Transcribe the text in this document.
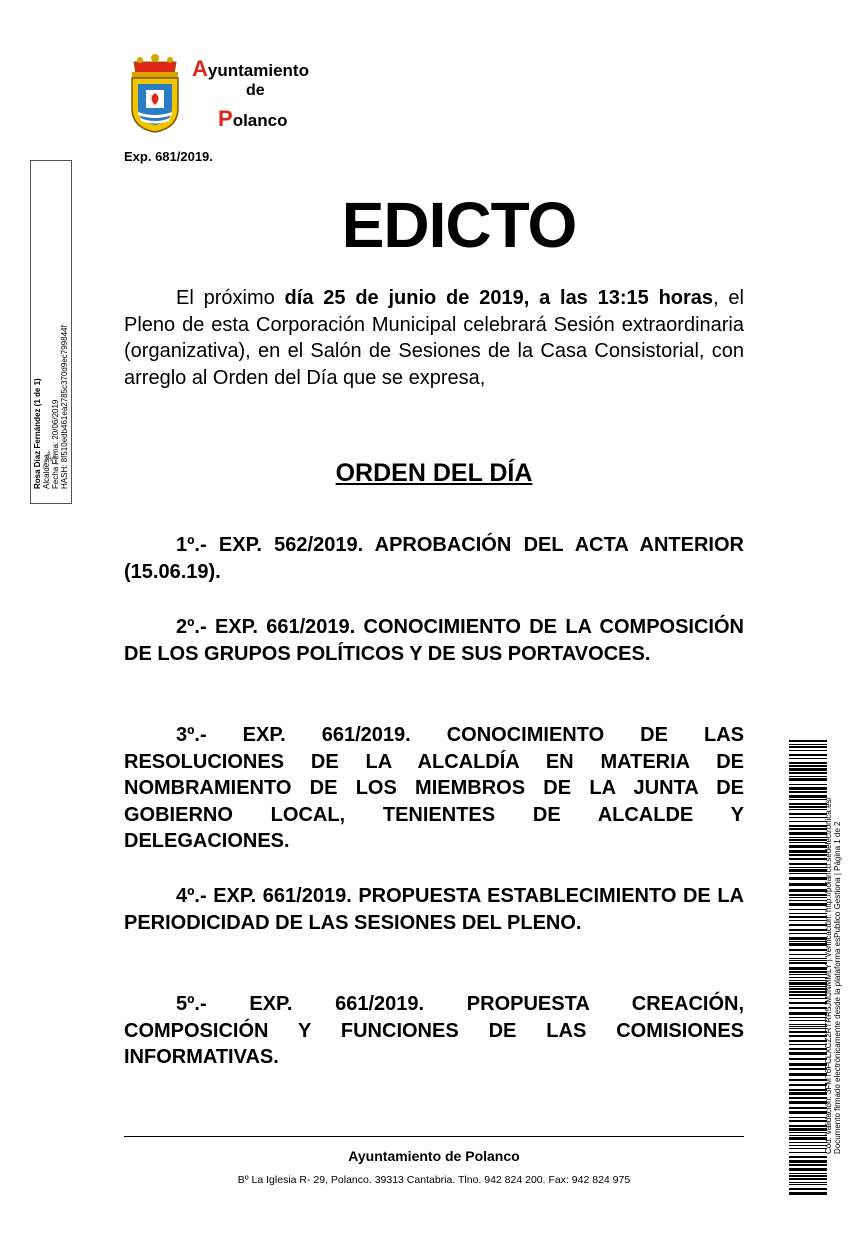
Ayuntamiento
de
Polanco
Exp. 681/2019.
EDICTO
El próximo día 25 de junio de 2019, a las 13:15 horas, el Pleno de esta Corporación Municipal celebrará Sesión extraordinaria (organizativa), en el Salón de Sesiones de la Casa Consistorial, con arreglo al Orden del Día que se expresa,
ORDEN DEL DÍA
1º.- EXP. 562/2019. APROBACIÓN DEL ACTA ANTERIOR (15.06.19).
2º.- EXP. 661/2019. CONOCIMIENTO DE LA COMPOSICIÓN DE LOS GRUPOS POLÍTICOS Y DE SUS PORTAVOCES.
3º.- EXP. 661/2019. CONOCIMIENTO DE LAS RESOLUCIONES DE LA ALCALDÍA EN MATERIA DE NOMBRAMIENTO DE LOS MIEMBROS DE LA JUNTA DE GOBIERNO LOCAL, TENIENTES DE ALCALDE Y DELEGACIONES.
4º.- EXP. 661/2019. PROPUESTA ESTABLECIMIENTO DE LA PERIODICIDAD DE LAS SESIONES DEL PLENO.
5º.- EXP. 661/2019. PROPUESTA CREACIÓN, COMPOSICIÓN Y FUNCIONES DE LAS COMISIONES INFORMATIVAS.
Ayuntamiento de Polanco
Bº La Iglesia R- 29, Polanco. 39313 Cantabria. Tlno. 942 824 200. Fax: 942 824 975
Rosa Díaz Fernández (1 de 1) Alcaldesa Fecha Firma: 20/06/2019 HASH: 8f510edb461ea2785c370d9ec799844f
Cód. Validación: 3FMT6FCLXCZ2RTRR5JMJNMMLY | Verificación: http://polanco.sedelectronica.es/ Documento firmado electrónicamente desde la plataforma esPublico Gestiona | Página 1 de 2
